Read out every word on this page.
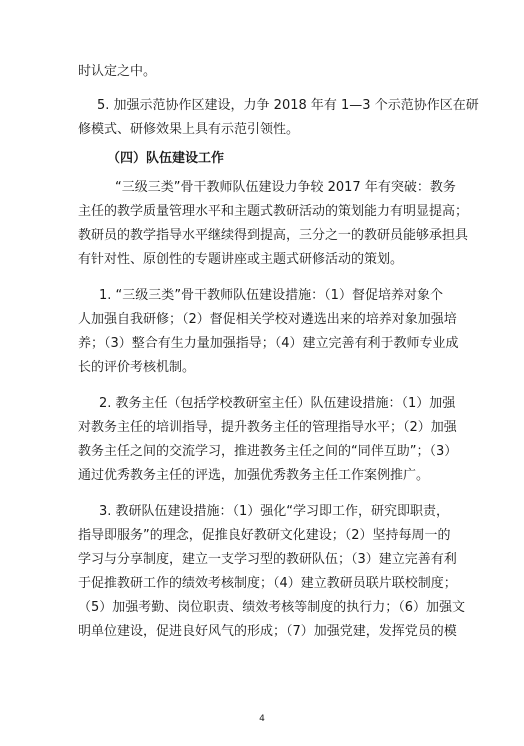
时认定之中。
5. 加强示范协作区建设，力争 2018 年有 1—3 个示范协作区在研
修模式、研修效果上具有示范引领性。
（四）队伍建设工作
“三级三类”骨干教师队伍建设力争较 2017 年有突破：教务
主任的教学质量管理水平和主题式教研活动的策划能力有明显提高；
教研员的教学指导水平继续得到提高，三分之一的教研员能够承担具
有针对性、原创性的专题讲座或主题式研修活动的策划。
1. “三级三类”骨干教师队伍建设措施：（1）督促培养对象个
人加强自我研修；（2）督促相关学校对遴选出来的培养对象加强培
养；（3）整合有生力量加强指导；（4）建立完善有利于教师专业成
长的评价考核机制。
2. 教务主任（包括学校教研室主任）队伍建设措施：（1）加强
对教务主任的培训指导，提升教务主任的管理指导水平；（2）加强
教务主任之间的交流学习，推进教务主任之间的“同伴互助”；（3）
通过优秀教务主任的评选，加强优秀教务主任工作案例推广。
3. 教研队伍建设措施：（1）强化“学习即工作，研究即职责，
指导即服务”的理念，促推良好教研文化建设；（2）坚持每周一的
学习与分享制度，建立一支学习型的教研队伍；（3）建立完善有利
于促推教研工作的绩效考核制度；（4）建立教研员联片联校制度；
（5）加强考勤、岗位职责、绩效考核等制度的执行力；（6）加强文
明单位建设，促进良好风气的形成；（7）加强党建，发挥党员的模
4
